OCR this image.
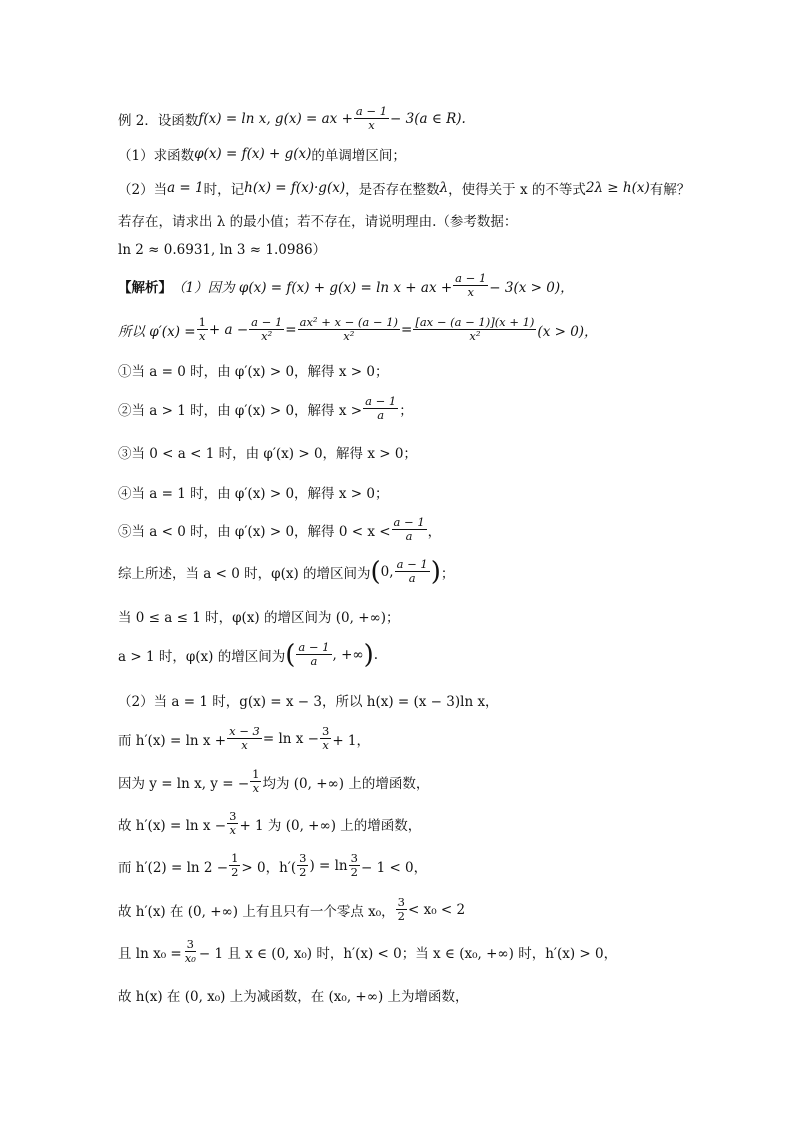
例 2．设函数 f(x) = ln x, g(x) = ax + $\frac{a - 1}{x} - 3(a$ ∈ R).
（1）求函数 φ(x) = f(x) + g(x) 的单调增区间；
（2）当 a = 1 时，记 h(x) = f(x)·g(x) ，是否存在整数 λ ，使得关于 x 的不等式 2λ ≥ h(x) 有解？
若存在，请求出 λ 的最小值；若不存在，请说明理由.（参考数据：
ln 2 ≈ 0.6931, ln 3 ≈ 1.0986）
【解析】 （1）因为 φ(x) = f(x) + g(x) = ln x + ax + $\frac{a - 1}{x} - 3(x > 0)$，
所以 $\varphi'(x) = \frac{1}{x} + a - \frac{a - 1}{\text{x²}} = \frac{\text{ax² + x − (a − 1)}}{\text{x²}} = \frac{[ax - (a - 1)](x + 1)}{\text{x²}} (x > 0)$，
①当 a = 0 时，由 φ′(x) > 0，解得 x > 0；
②当 a > 1 时，由 φ′(x) > 0，解得 $x > \frac{a - 1}{a}$ ；
③当 0 < a < 1 时，由 φ′(x) > 0，解得 x > 0；
④当 a = 1 时，由 φ′(x) > 0，解得 x > 0；
⑤当 a < 0 时，由 φ′(x) > 0，解得 $0 < x < \frac{a - 1}{a}$ ，
综上所述，当 a < 0 时，φ(x) 的增区间为 ( 0, $\frac{a - 1}{a}$ ) ；
当 0 ≤ a ≤ 1 时，φ(x) 的增区间为 (0, +∞)；
a > 1 时，φ(x) 的增区间为 ( $\frac{a - 1}{a}$ , +∞ ) .
（2）当 a = 1 时，g(x) = x − 3，所以 h(x) = (x − 3)ln x，
而 $h'(x) = \ln x + \frac{x - 3}{x} = \ln x - \frac{3}{x} + 1$，
因为 y = ln x, y = − $\frac{1}{x}$ 均为 (0, +∞) 上的增函数，
故 $h'(x) = \ln x - \frac{3}{x} + 1$ 为 (0, +∞) 上的增函数，
而 $h'(2) = \ln 2 - \frac{1}{2} > 0$，$h'( \frac{3}{2}$ ) = $\ln \frac{3}{2} - 1 < 0$，
故 h′(x) 在 (0, +∞) 上有且只有一个零点 x₀， $\frac{3}{2} < x_0 < 2$
且 $\ln x_0 = \frac{3}{\text{x₀}} - 1$ 且 x ∈ (0, x₀) 时，h′(x) < 0；当 x ∈ (x₀, +∞) 时，h′(x) > 0，
故 h(x) 在 (0, x₀) 上为减函数，在 (x₀, +∞) 上为增函数，
